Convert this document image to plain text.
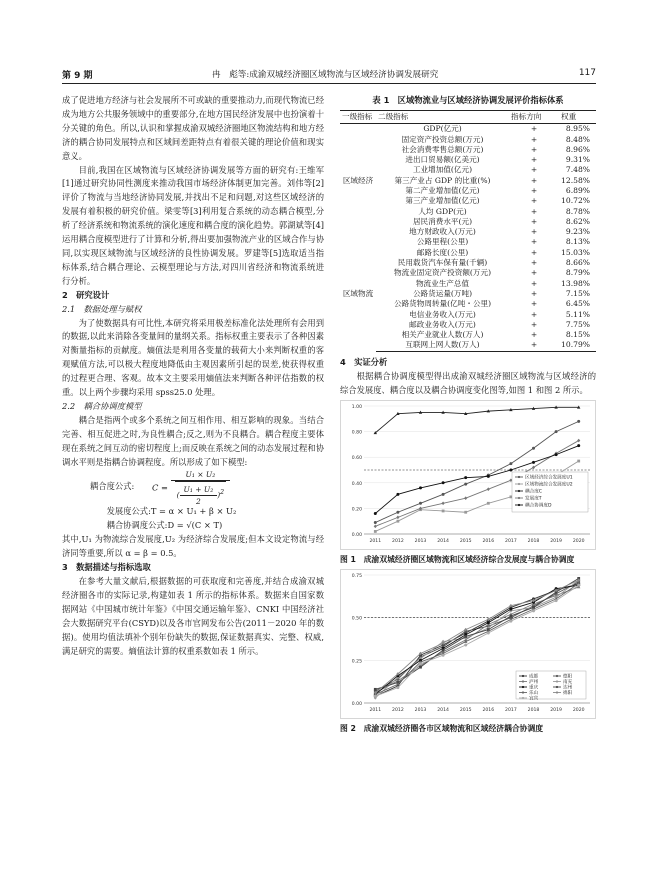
第 9 期	冉　彪等:成渝双城经济圈区域物流与区域经济协调发展研究	117

成了促进地方经济与社会发展所不可或缺的重要推动力,而现代物流已经成为地方公共服务领域中的重要部分,在地方国民经济发展中也扮演着十分关键的角色。所以,认识和掌握成渝双城经济圈地区物流结构和地方经济的耦合协同发展特点和区域间差距特点有着很关键的理论价值和现实意义。

目前,我国在区域物流与区域经济协调发展等方面的研究有:王维军[1]通过研究协同性测度来推动我国市场经济体制更加完善。刘伟等[2]评价了物流与当地经济协同发展,并找出不足和问题,对这些区域经济的发展有着积极的研究价值。梁雯等[3]利用复合系统的动态耦合模型,分析了经济系统和物流系统的演化速度和耦合度的演化趋势。郭湖斌等[4]运用耦合度模型进行了计算和分析,得出要加强物流产业的区域合作与协同,以实现区域物流与区域经济的良性协调发展。罗建等[5]选取适当指标体系,结合耦合理论、云模型理论与方法,对四川省经济和物流系统进行分析。

2　研究设计

2.1　数据处理与赋权

为了使数据具有可比性,本研究将采用极差标准化法处理所有会用到的数据,以此来消除各变量间的量纲关系。指标权重主要表示了各种因素对衡量指标的贡献度。熵值法是利用各变量的载荷大小来判断权重的客观赋值方法,可以极大程度地降低由主观因素所引起的误差,使获得权重的过程更合理、客观。故本文主要采用熵值法来判断各种评估指数的权重。以上两个步骤均采用 spss25.0 处理。

2.2　耦合协调度模型

耦合是指两个或多个系统之间互相作用、相互影响的现象。当结合完善、相互促进之时,为良性耦合;反之,则为不良耦合。耦合程度主要体现在系统之间互动的密切程度上;而反映在系统之间的动态发展过程和协调水平则是指耦合协调程度。所以形成了如下模型:

耦合度公式: $C = \frac{\text{U₁ × U₂}}{( \frac{\text{U₁ + U₂}}{2} )^2}$

发展度公式:T = α × U₁ + β × U₂

耦合协调度公式:D = √(C × T)

其中,U₁ 为物流综合发展度,U₂ 为经济综合发展度;但本文设定物流与经济同等重要,所以 α = β = 0.5。

3　数据描述与指标选取

在参考大量文献后,根据数据的可获取度和完善度,并结合成渝双城经济圈各市的实际记录,构建如表 1 所示的指标体系。数据来自国家数据网站《中国城市统计年鉴》《中国交通运输年鉴》、CNKI 中国经济社会大数据研究平台(CSYD)以及各市官网发布公告(2011－2020 年的数据)。使用均值法填补个别年份缺失的数据,保证数据真实、完整、权威,满足研究的需要。熵值法计算的权重系数如表 1 所示。

表 1　区域物流业与区域经济协调发展评价指标体系
一级指标	二级指标	指标方向	权重
区域经济	GDP(亿元)	+	8.95%
	固定资产投资总额(万元)	+	8.48%
	社会消费零售总额(万元)	+	8.96%
	进出口贸易额(亿美元)	+	9.31%
	工业增加值(亿元)	+	7.48%
	第三产业占 GDP 的比重(%)	+	12.58%
	第二产业增加值(亿元)	+	6.89%
	第三产业增加值(亿元)	+	10.72%
	人均 GDP(元)	+	8.78%
	居民消费水平(元)	+	8.62%
	地方财政收入(万元)	+	9.23%
区域物流	公路里程(公里)	+	8.13%
	邮路长度(公里)	+	15.03%
	民用载货汽车保有量(千辆)	+	8.66%
	物流业固定资产投资额(万元)	+	8.79%
	物流业生产总值	+	13.98%
	公路货运量(万吨)	+	7.15%
	公路货物周转量(亿吨・公里)	+	6.45%
	电信业务收入(万元)	+	5.11%
	邮政业务收入(万元)	+	7.75%
	相关产业就业人数(万人)	+	8.15%
	互联网上网人数(万人)	+	10.79%

4　实证分析

根据耦合协调度模型得出成渝双城经济圈区域物流与区域经济的综合发展度、耦合度以及耦合协调度变化图等,如图 1 和图 2 所示。

0.00
0.20
0.40
0.60
0.80
1.00
2011 2012 2013 2014 2015 2016 2017 2018 2019 2020
区域经济综合发展度U1
区域物流综合发展度U2
耦合度C
发展度T
耦合协调度D
图 1　成渝双城经济圈区域物流和区域经济综合发展度与耦合协调度
0.00
0.25
0.50
0.75
2011 2012 2013 2014 2015 2016 2017 2018 2019 2020
成都	德阳
泸州	南充
重庆	达州
乐山	绵阳
宜宾
图 2　成渝双城经济圈各市区域物流和区域经济耦合协调度
